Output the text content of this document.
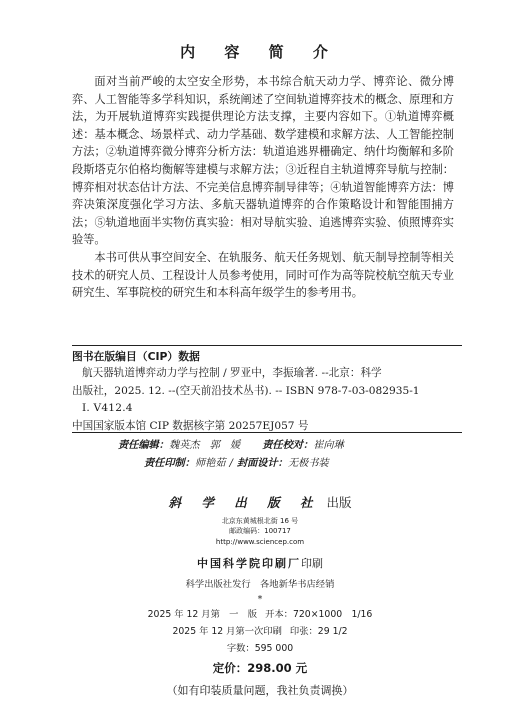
内 容 简 介

面对当前严峻的太空安全形势，本书综合航天动力学、博弈论、微分博弈、人工智能等多学科知识，系统阐述了空间轨道博弈技术的概念、原理和方法，为开展轨道博弈实践提供理论方法支撑，主要内容如下。①轨道博弈概述：基本概念、场景样式、动力学基础、数学建模和求解方法、人工智能控制方法；②轨道博弈微分博弈分析方法：轨道追逃界栅确定、纳什均衡解和多阶段斯塔克尔伯格均衡解等建模与求解方法；③近程自主轨道博弈导航与控制：博弈相对状态估计方法、不完美信息博弈制导律等；④轨道智能博弈方法：博弈决策深度强化学习方法、多航天器轨道博弈的合作策略设计和智能围捕方法；⑤轨道地面半实物仿真实验：相对导航实验、追逃博弈实验、侦照博弈实验等。

本书可供从事空间安全、在轨服务、航天任务规划、航天制导控制等相关技术的研究人员、工程设计人员参考使用，同时可作为高等院校航空航天专业研究生、军事院校的研究生和本科高年级学生的参考用书。

图书在版编目（CIP）数据
航天器轨道博弈动力学与控制 / 罗亚中，李振瑜著. --北京：科学
出版社，2025. 12. --(空天前沿技术丛书). -- ISBN 978-7-03-082935-1
Ⅰ. V412.4
中国国家版本馆 CIP 数据核字第 20257EJ057 号
责任编辑： 魏英杰　郭　媛 责任校对： 崔向琳
责任印制： 师艳茹 / 封面设计： 无极书装
斜 学 出 版 社 出版
北京东黄城根北街 16 号
邮政编码：100717
http://www.sciencep.com
中国科学院印刷厂印刷
科学出版社发行　各地新华书店经销
*
2025 年 12 月第　一　版 开本：720×1000　1/16
2025 年 12 月第一次印刷 印张：29 1/2
字数：595 000
定价：298.00 元
（如有印装质量问题，我社负责调换）
